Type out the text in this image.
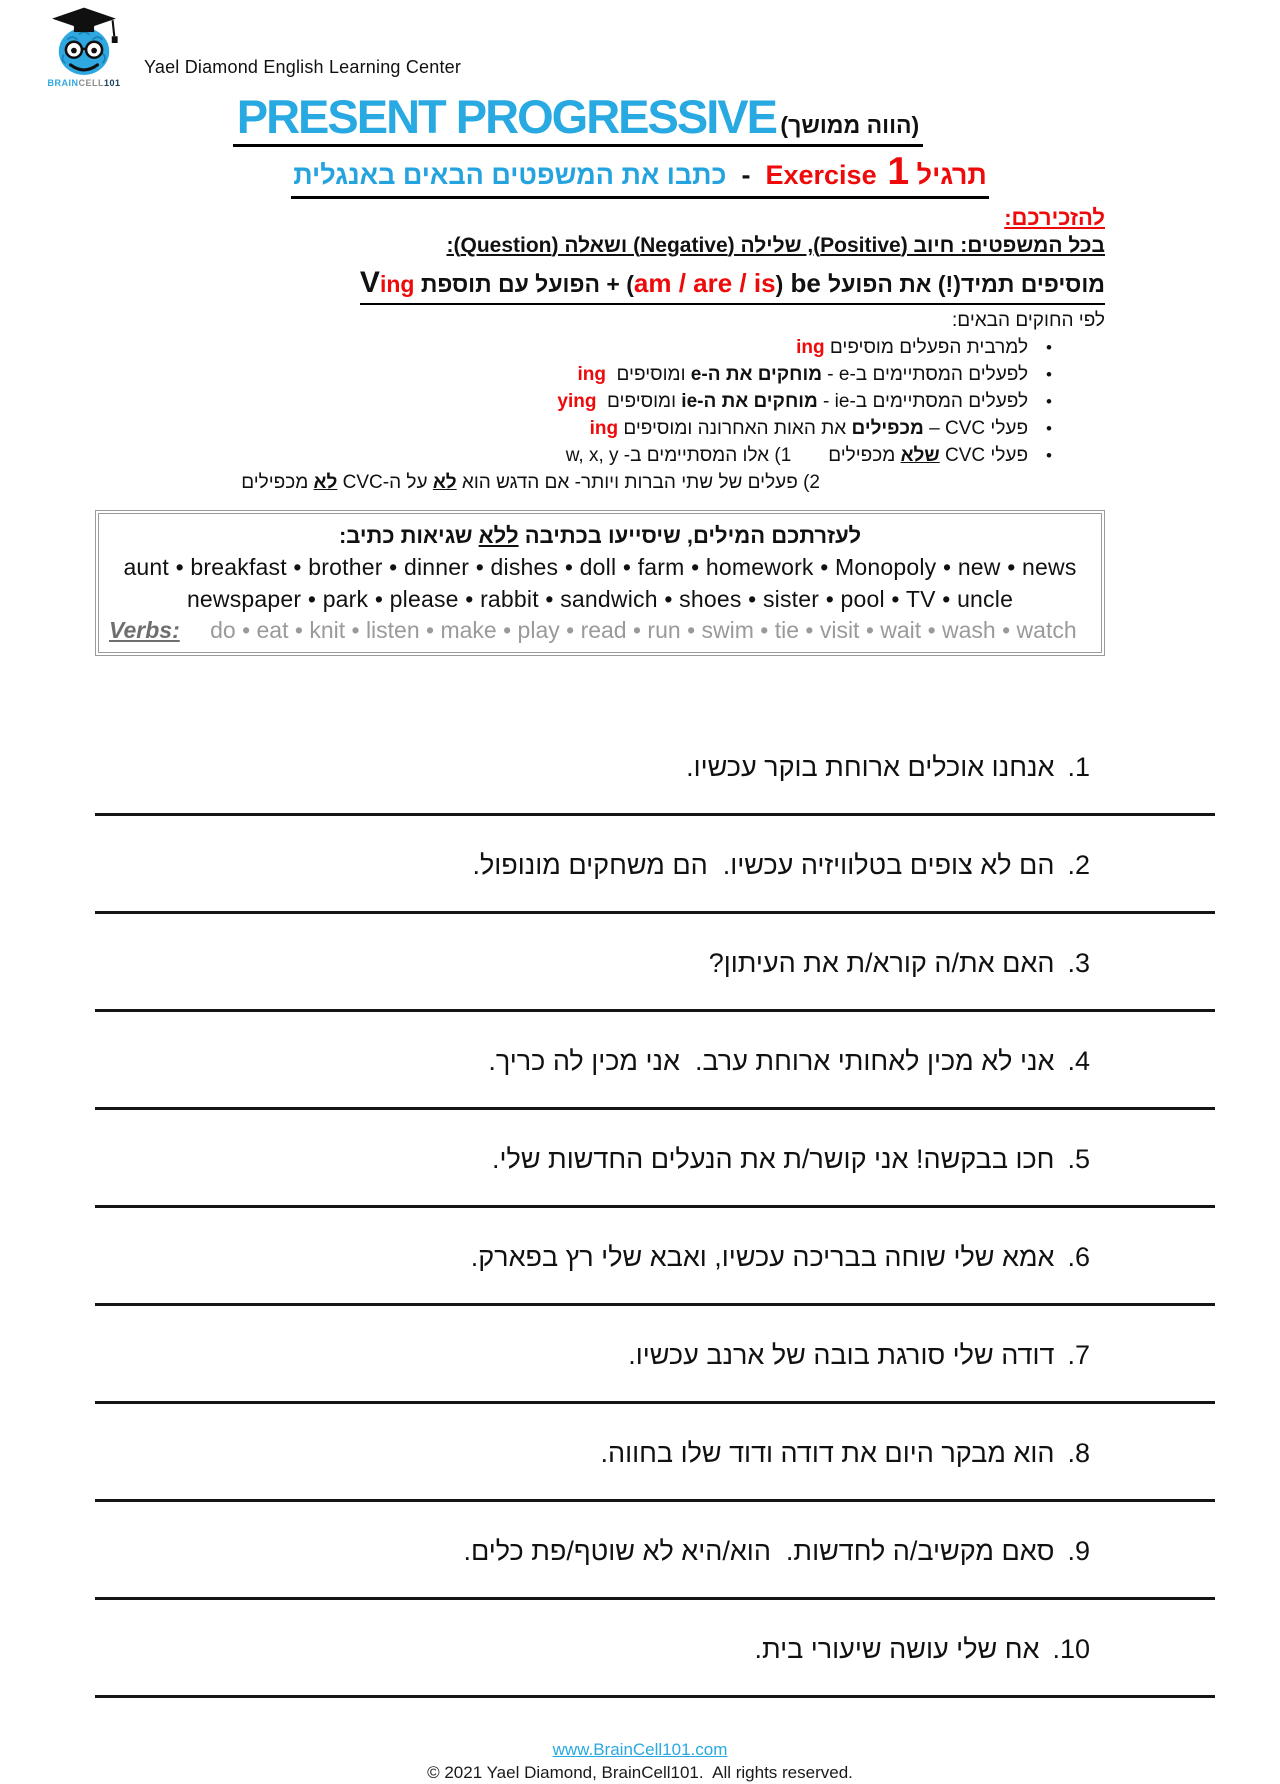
BRAINCELL101
Yael Diamond English Learning Center
PRESENT PROGRESSIVE (הווה ממושך)
כתבו את המשפטים הבאים באנגלית  -  Exercise 1 תרגיל
להזכירכם:
בכל המשפטים: חיוב (Positive), שלילה (Negative) ושאלה (Question):
Ving הפועל עם תוספת + (am / are / is) be מוסיפים תמיד(!) את הפועל
לפי החוקים הבאים:
•למרבית הפעלים מוסיפים ing
•לפעלים המסתיימים ב-e - מוחקים את ה-e ומוסיפים  ing
•לפעלים המסתיימים ב-ie - מוחקים את ה-ie ומוסיפים  ying
•פעלי CVC – מכפילים את האות האחרונה ומוסיפים ing
•פעלי CVC שלא מכפילים       1) אלו המסתיימים ב- w, x, y
2) פעלים של שתי הברות ויותר- אם הדגש הוא לא על ה-CVC לא מכפילים
לעזרתכם המילים, שיסייעו בכתיבה ללא שגיאות כתיב:
aunt • breakfast • brother • dinner • dishes • doll • farm • homework • Monopoly • new • news
newspaper • park • please • rabbit • sandwich • shoes • sister • pool • TV • uncle
Verbs:	do • eat • knit • listen • make • play • read • run • swim • tie • visit • wait • wash • watch
1.
אנחנו אוכלים ארוחת בוקר עכשיו.
2.
הם לא צופים בטלוויזיה עכשיו.  הם משחקים מונופול.
3.
האם את/ה קורא/ת את העיתון?
4.
אני לא מכין לאחותי ארוחת ערב.  אני מכין לה כריך.
5.
חכו בבקשה! אני קושר/ת את הנעלים החדשות שלי.
6.
אמא שלי שוחה בבריכה עכשיו, ואבא שלי רץ בפארק.
7.
דודה שלי סורגת בובה של ארנב עכשיו.
8.
הוא מבקר היום את דודה ודוד שלו בחווה.
9.
סאם מקשיב/ה לחדשות.  הוא/היא לא שוטף/פת כלים.
10.
אח שלי עושה שיעורי בית.
www.BrainCell101.com
© 2021 Yael Diamond, BrainCell101.  All rights reserved.
